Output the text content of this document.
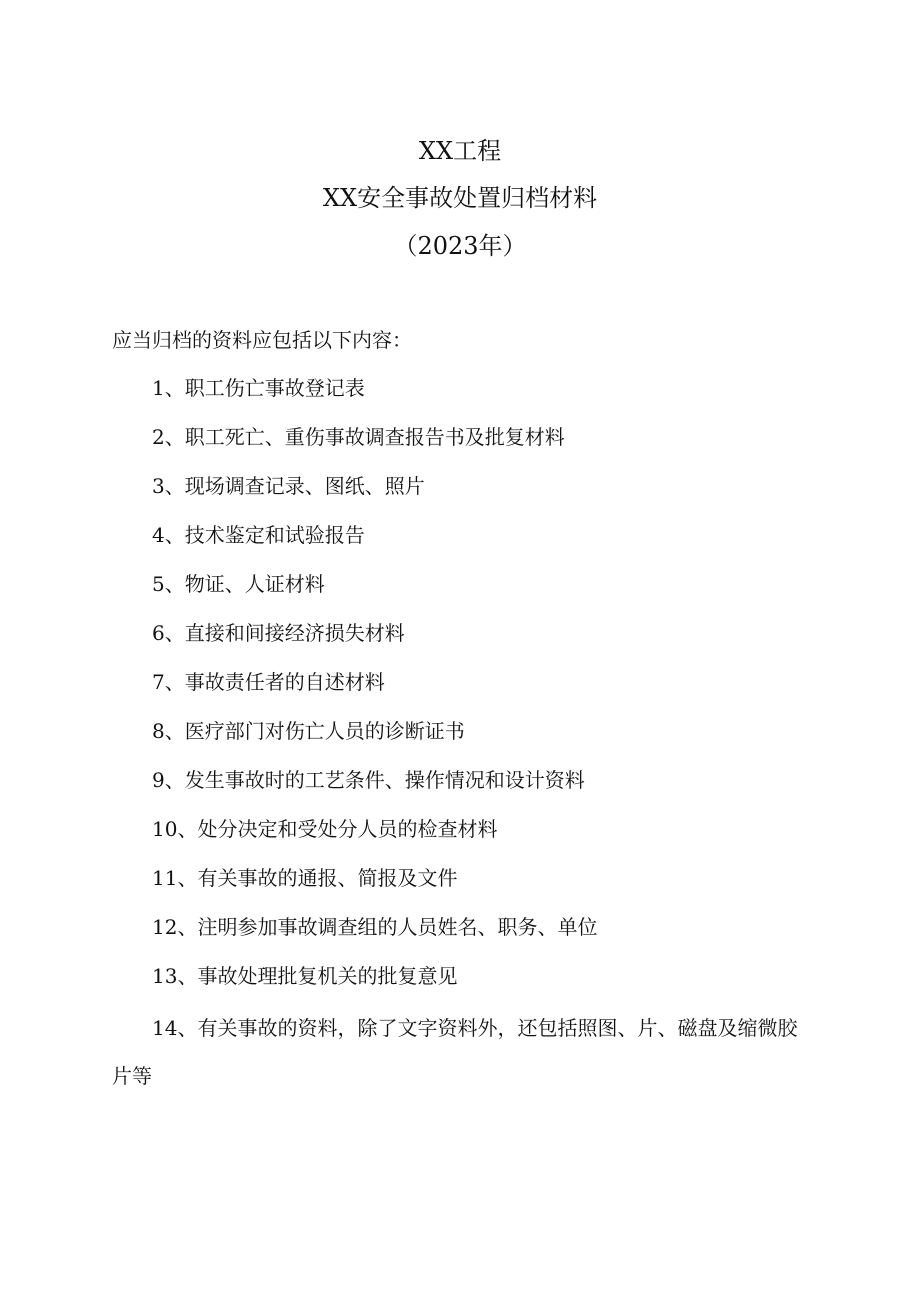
XX工程
XX安全事故处置归档材料
（2023年）
应当归档的资料应包括以下内容：
1、职工伤亡事故登记表
2、职工死亡、重伤事故调查报告书及批复材料
3、现场调查记录、图纸、照片
4、技术鉴定和试验报告
5、物证、人证材料
6、直接和间接经济损失材料
7、事故责任者的自述材料
8、医疗部门对伤亡人员的诊断证书
9、发生事故时的工艺条件、操作情况和设计资料
10、处分决定和受处分人员的检查材料
11、有关事故的通报、简报及文件
12、注明参加事故调查组的人员姓名、职务、单位
13、事故处理批复机关的批复意见
14、有关事故的资料，除了文字资料外，还包括照图、片、磁盘及缩微胶片等
